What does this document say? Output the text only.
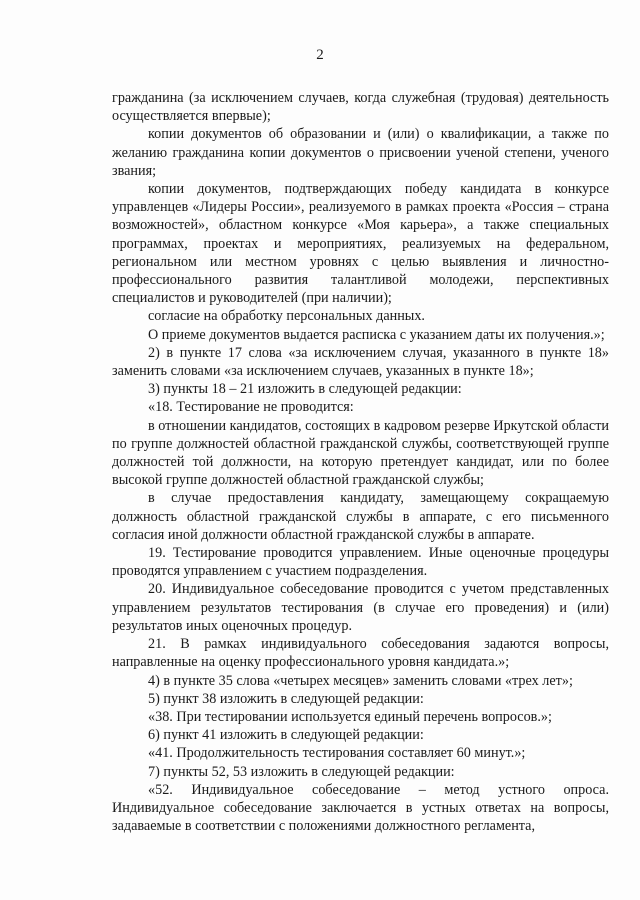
2

гражданина (за исключением случаев, когда служебная (трудовая) деятельность осуществляется впервые);

копии документов об образовании и (или) о квалификации, а также по желанию гражданина копии документов о присвоении ученой степени, ученого звания;

копии документов, подтверждающих победу кандидата в конкурсе управленцев «Лидеры России», реализуемого в рамках проекта «Россия – страна возможностей», областном конкурсе «Моя карьера», а также специальных программах, проектах и мероприятиях, реализуемых на федеральном, региональном или местном уровнях с целью выявления и личностно-профессионального развития талантливой молодежи, перспективных специалистов и руководителей (при наличии);

согласие на обработку персональных данных.

О приеме документов выдается расписка с указанием даты их получения.»;

2) в пункте 17 слова «за исключением случая, указанного в пункте 18» заменить словами «за исключением случаев, указанных в пункте 18»;

3) пункты 18 – 21 изложить в следующей редакции:

«18. Тестирование не проводится:

в отношении кандидатов, состоящих в кадровом резерве Иркутской области по группе должностей областной гражданской службы, соответствующей группе должностей той должности, на которую претендует кандидат, или по более высокой группе должностей областной гражданской службы;

в случае предоставления кандидату, замещающему сокращаемую должность областной гражданской службы в аппарате, с его письменного согласия иной должности областной гражданской службы в аппарате.

19. Тестирование проводится управлением. Иные оценочные процедуры проводятся управлением с участием подразделения.

20. Индивидуальное собеседование проводится с учетом представленных управлением результатов тестирования (в случае его проведения) и (или) результатов иных оценочных процедур.

21. В рамках индивидуального собеседования задаются вопросы, направленные на оценку профессионального уровня кандидата.»;

4) в пункте 35 слова «четырех месяцев» заменить словами «трех лет»;

5) пункт 38 изложить в следующей редакции:

«38. При тестировании используется единый перечень вопросов.»;

6) пункт 41 изложить в следующей редакции:

«41. Продолжительность тестирования составляет 60 минут.»;

7) пункты 52, 53 изложить в следующей редакции:

«52. Индивидуальное собеседование – метод устного опроса. Индивидуальное собеседование заключается в устных ответах на вопросы, задаваемые в соответствии с положениями должностного регламента,
